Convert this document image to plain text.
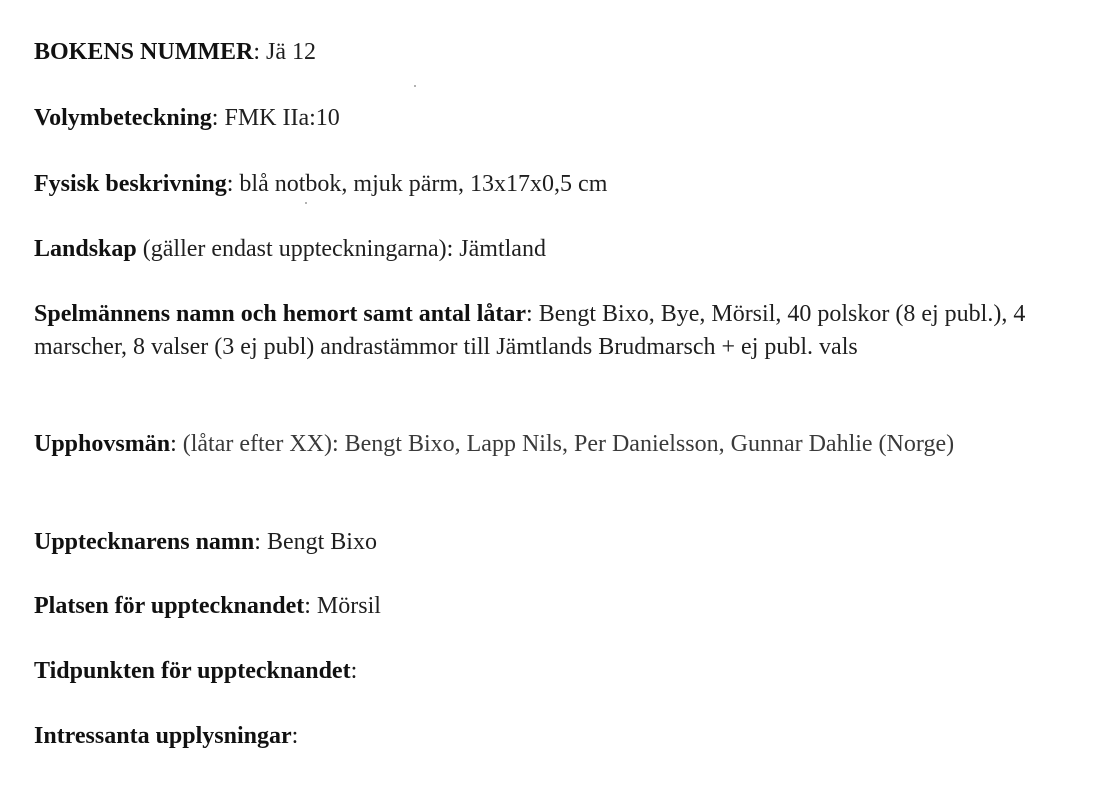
BOKENS NUMMER: Jä 12

Volymbeteckning: FMK IIa:10

Fysisk beskrivning: blå notbok, mjuk pärm, 13x17x0,5 cm

Landskap (gäller endast uppteckningarna): Jämtland

Spelmännens namn och hemort samt antal låtar: Bengt Bixo, Bye, Mörsil, 40 polskor (8 ej publ.), 4 marscher, 8 valser (3 ej publ) andrastämmor till Jämtlands Brudmarsch + ej publ. vals

Upphovsmän: (låtar efter XX): Bengt Bixo, Lapp Nils, Per Danielsson, Gunnar Dahlie (Norge)

Upptecknarens namn: Bengt Bixo

Platsen för upptecknandet: Mörsil

Tidpunkten för upptecknandet:

Intressanta upplysningar:
